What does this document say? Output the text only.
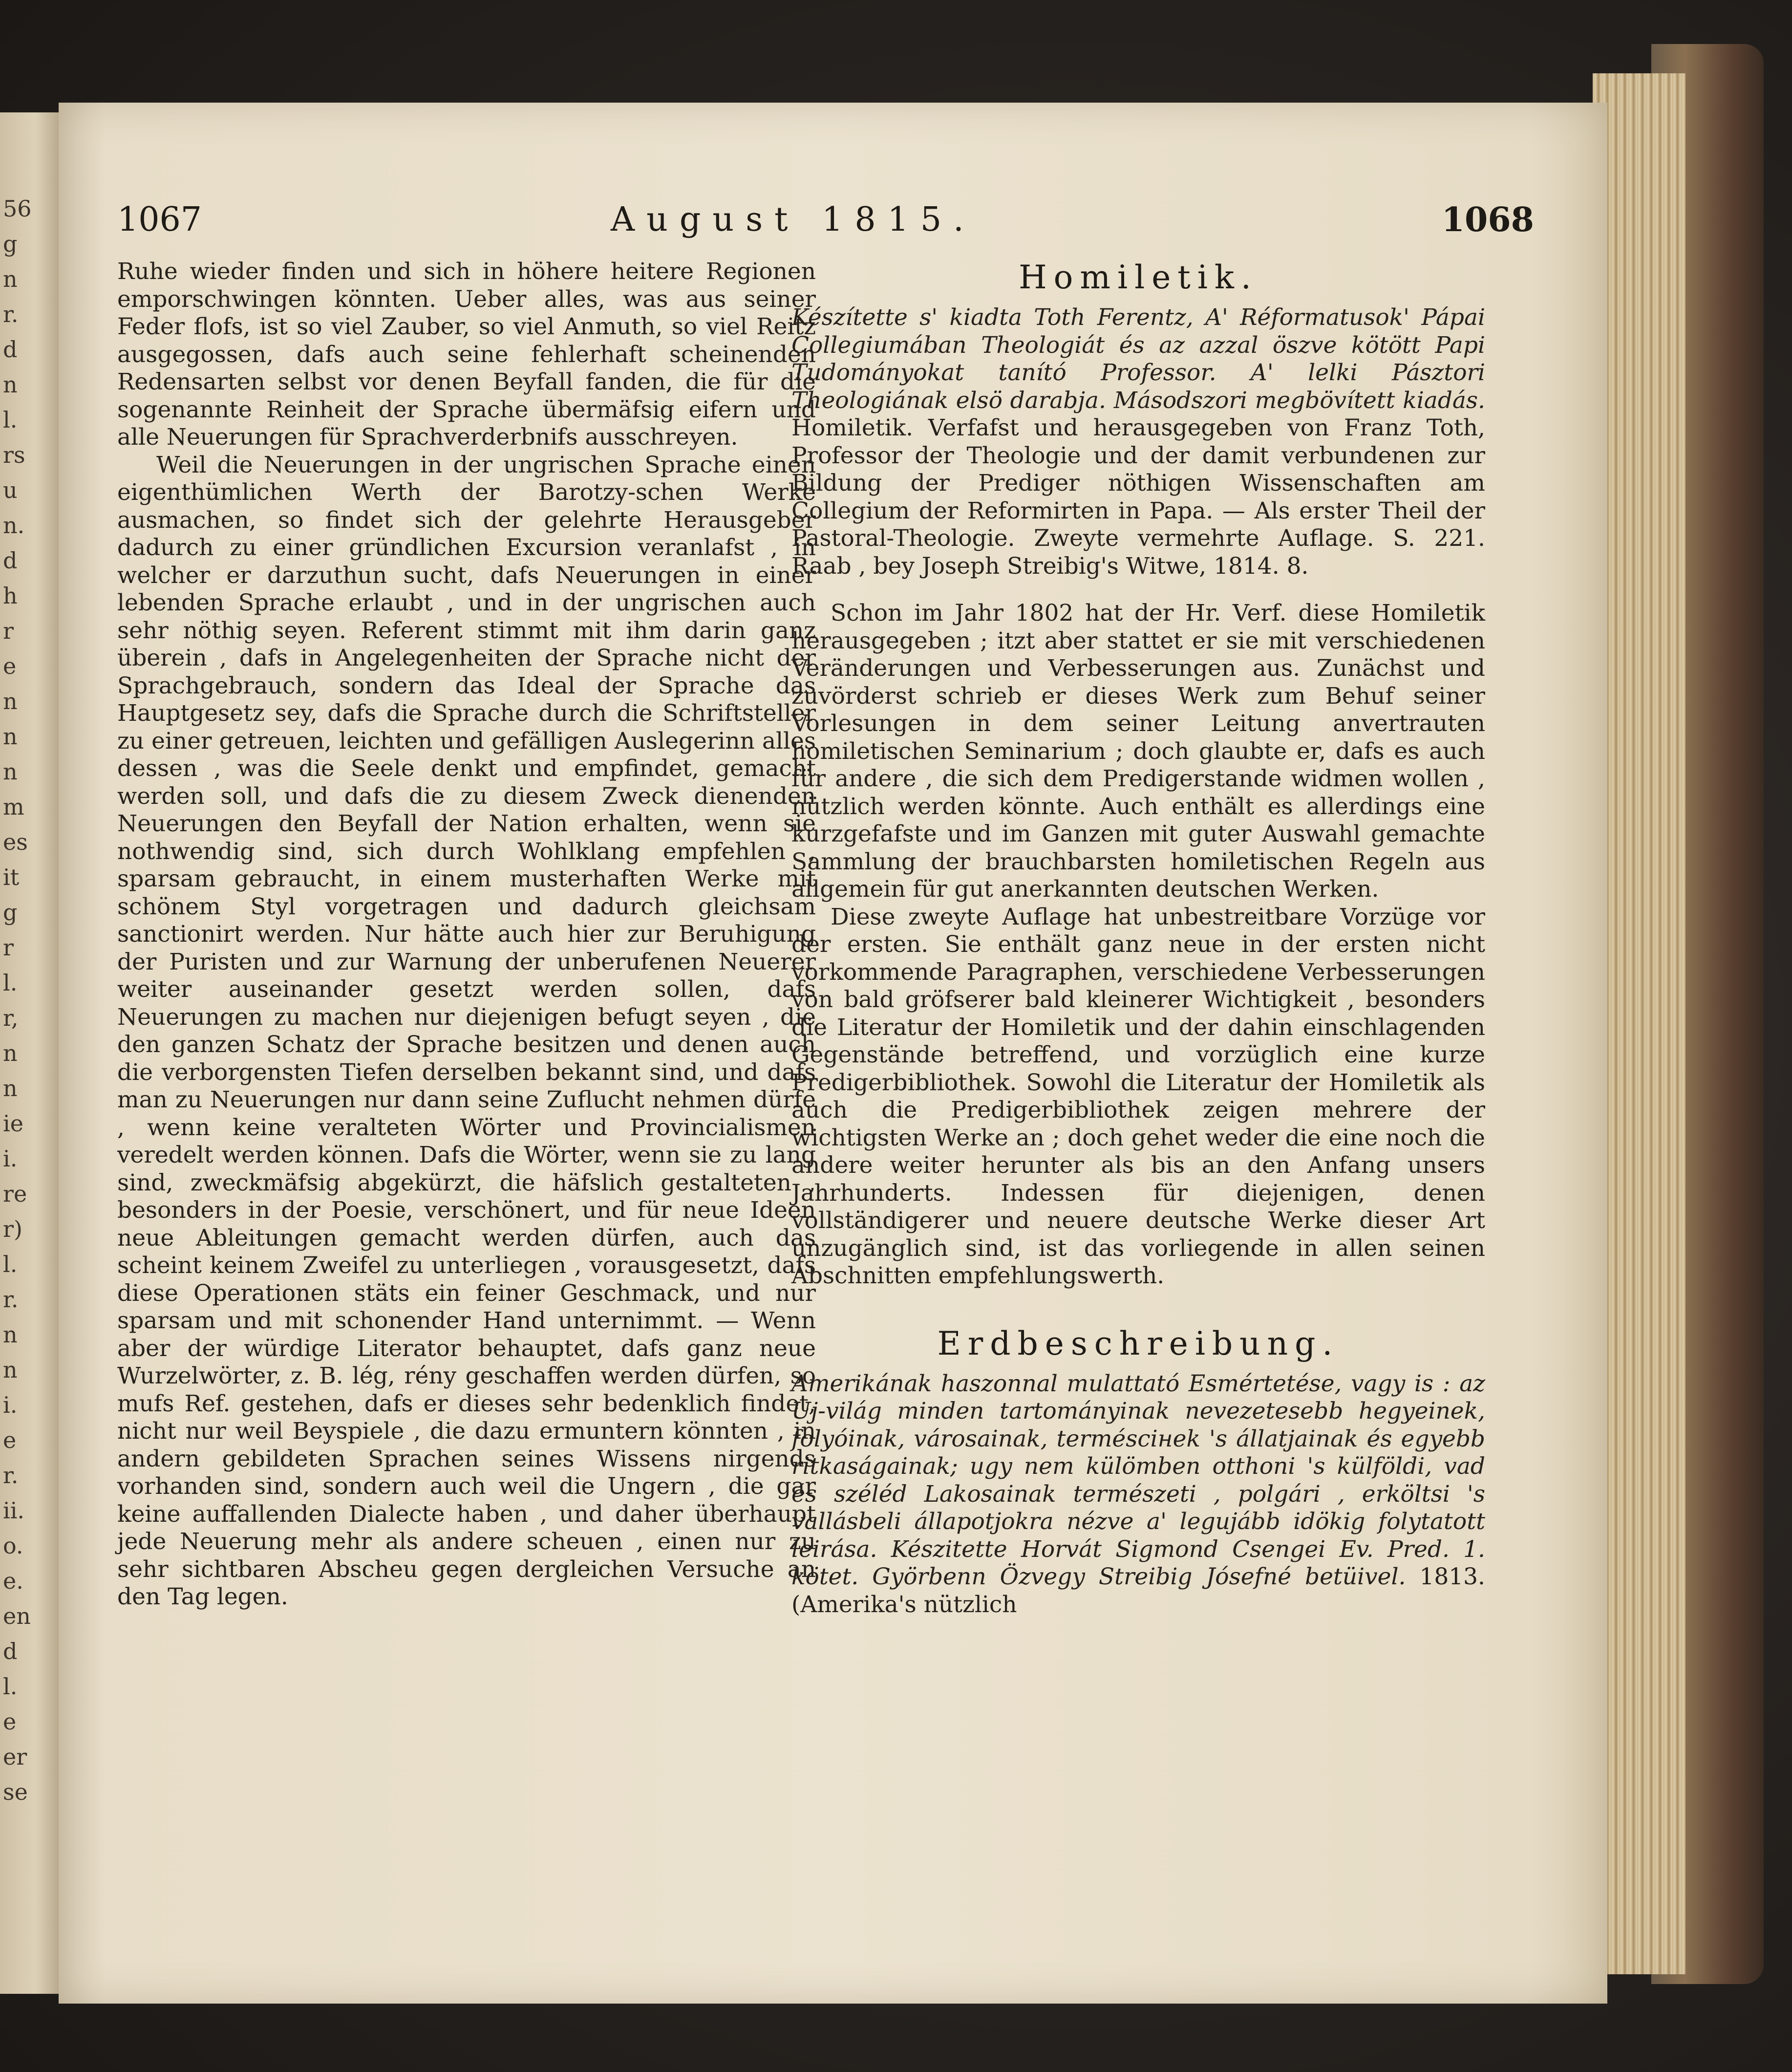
56
g
n
r.
d
n
l.
rs
u
n.
d
h
r
e
n
n
n
m
es
it
g
r
l.
r,
n
n
ie
i.
re
r)
l.
r.
n
n
i.
e
r.
ii.
o.
e.
en
d
l.
e
er
se
1067	August 1815.	1068

Ruhe wieder finden und sich in höhere heitere Regionen emporschwingen könnten. Ueber alles, was aus seiner Feder flofs, ist so viel Zauber, so viel Anmuth, so viel Reitz ausgegossen, dafs auch seine fehlerhaft scheinenden Redensarten selbst vor denen Beyfall fanden, die für die sogenannte Reinheit der Sprache übermäfsig eifern und alle Neuerungen für Sprachverderbnifs ausschreyen.

Weil die Neuerungen in der ungrischen Sprache einen eigenthümlichen Werth der Barotzy-schen Werke ausmachen, so findet sich der gelehrte Herausgeber dadurch zu einer gründlichen Excursion veranlafst , in welcher er darzuthun sucht, dafs Neuerungen in einer lebenden Sprache erlaubt , und in der ungrischen auch sehr nöthig seyen. Referent stimmt mit ihm darin ganz überein , dafs in Angelegenheiten der Sprache nicht der Sprachgebrauch, sondern das Ideal der Sprache das Hauptgesetz sey, dafs die Sprache durch die Schriftsteller zu einer getreuen, leichten und gefälligen Auslegerinn alles dessen , was die Seele denkt und empfindet, gemacht werden soll, und dafs die zu diesem Zweck dienenden Neuerungen den Beyfall der Nation erhalten, wenn sie nothwendig sind, sich durch Wohlklang empfehlen , sparsam gebraucht, in einem musterhaften Werke mit schönem Styl vorgetragen und dadurch gleichsam sanctionirt werden. Nur hätte auch hier zur Beruhigung der Puristen und zur Warnung der unberufenen Neuerer weiter auseinander gesetzt werden sollen, dafs Neuerungen zu machen nur diejenigen befugt seyen , die den ganzen Schatz der Sprache besitzen und denen auch die verborgensten Tiefen derselben bekannt sind, und dafs man zu Neuerungen nur dann seine Zuflucht nehmen dürfe , wenn keine veralteten Wörter und Provincialismen veredelt werden können. Dafs die Wörter, wenn sie zu lang sind, zweckmäfsig abgekürzt, die häfslich gestalteten , besonders in der Poesie, verschönert, und für neue Ideen neue Ableitungen gemacht werden dürfen, auch das scheint keinem Zweifel zu unterliegen , vorausgesetzt, dafs diese Operationen stäts ein feiner Geschmack, und nur sparsam und mit schonender Hand unternimmt. — Wenn aber der würdige Literator behauptet, dafs ganz neue Wurzelwörter, z. B. lég, rény geschaffen werden dürfen, so mufs Ref. gestehen, dafs er dieses sehr bedenklich findet, nicht nur weil Beyspiele , die dazu ermuntern könnten , in andern gebildeten Sprachen seines Wissens nirgends vorhanden sind, sondern auch weil die Ungern , die gar keine auffallenden Dialecte haben , und daher überhaupt jede Neuerung mehr als andere scheuen , einen nur zu sehr sichtbaren Abscheu gegen dergleichen Versuche an den Tag legen.

Homiletik.

Készítette s' kiadta Toth Ferentz, A' Réformatusok' Pápai Collegiumában Theologiát és az azzal öszve kötött Papi Tudományokat tanító Professor. A' lelki Pásztori Theologiának elsö darabja. Másodszori megbövített kiadás. Homiletik. Verfafst und herausgegeben von Franz Toth, Professor der Theologie und der damit verbundenen zur Bildung der Prediger nöthigen Wissenschaften am Collegium der Reformirten in Papa. — Als erster Theil der Pastoral-Theologie. Zweyte vermehrte Auflage. S. 221. Raab , bey Joseph Streibig's Witwe, 1814. 8.

Schon im Jahr 1802 hat der Hr. Verf. diese Homiletik herausgegeben ; itzt aber stattet er sie mit verschiedenen Veränderungen und Verbesserungen aus. Zunächst und zuvörderst schrieb er dieses Werk zum Behuf seiner Vorlesungen in dem seiner Leitung anvertrauten homiletischen Seminarium ; doch glaubte er, dafs es auch für andere , die sich dem Predigerstande widmen wollen , nützlich werden könnte. Auch enthält es allerdings eine kurzgefafste und im Ganzen mit guter Auswahl gemachte Sammlung der brauchbarsten homiletischen Regeln aus allgemein für gut anerkannten deutschen Werken.

Diese zweyte Auflage hat unbestreitbare Vorzüge vor der ersten. Sie enthält ganz neue in der ersten nicht vorkommende Paragraphen, verschiedene Verbesserungen von bald gröfserer bald kleinerer Wichtigkeit , besonders die Literatur der Homiletik und der dahin einschlagenden Gegenstände betreffend, und vorzüglich eine kurze Predigerbibliothek. Sowohl die Literatur der Homiletik als auch die Predigerbibliothek zeigen mehrere der wichtigsten Werke an ; doch gehet weder die eine noch die andere weiter herunter als bis an den Anfang unsers Jahrhunderts. Indessen für diejenigen, denen vollständigerer und neuere deutsche Werke dieser Art unzugänglich sind, ist das vorliegende in allen seinen Abschnitten empfehlungswerth.

Erdbeschreibung.

Amerikának haszonnal mulattató Esmértetése, vagy is : az Uj-világ minden tartományinak nevezetesebb hegyeinek, folyóinak, városainak, termésciнek 's állatjainak és egyebb ritkaságainak; ugy nem külömben otthoni 's külföldi, vad és széléd Lakosainak természeti , polgári , erköltsi 's vallásbeli állapotjokra nézve a' legujább idökig folytatott leirása. Készitette Horvát Sigmond Csengei Ev. Pred. 1. kötet. Györbenn Özvegy Streibig Jósefné betüivel. 1813. (Amerika's nützlich
